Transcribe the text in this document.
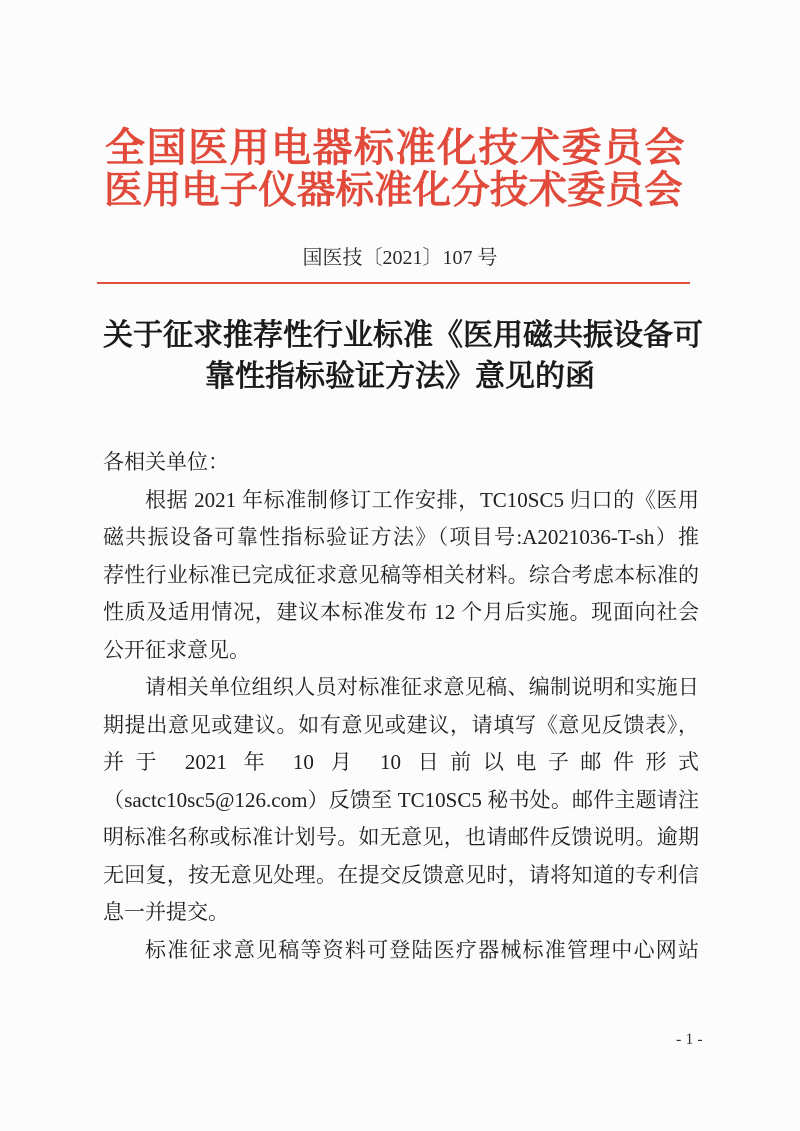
全国医用电器标准化技术委员会
医用电子仪器标准化分技术委员会
国医技〔2021〕107 号
关于征求推荐性行业标准《医用磁共振设备可
靠性指标验证方法》意见的函
各相关单位：
根据 2021 年标准制修订工作安排，TC10SC5 归口的《医用
磁共振设备可靠性指标验证方法》（项目号:A2021036-T-sh）推
荐性行业标准已完成征求意见稿等相关材料。综合考虑本标准的
性质及适用情况，建议本标准发布 12 个月后实施。现面向社会
公开征求意见。
请相关单位组织人员对标准征求意见稿、编制说明和实施日
期提出意见或建议。如有意见或建议，请填写《意见反馈表》，
并于 2021 年 10 月 10 日前以电子邮件形式
（sactc10sc5@126.com）反馈至 TC10SC5 秘书处。邮件主题请注
明标准名称或标准计划号。如无意见，也请邮件反馈说明。逾期
无回复，按无意见处理。在提交反馈意见时，请将知道的专利信
息一并提交。
标准征求意见稿等资料可登陆医疗器械标准管理中心网站
- 1 -
